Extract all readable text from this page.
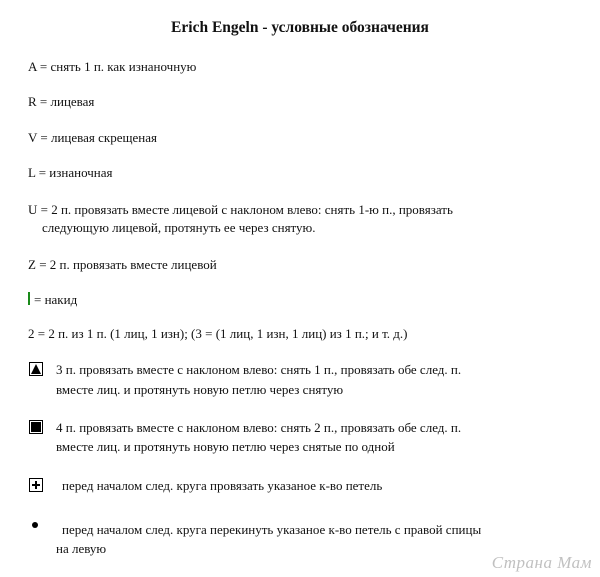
Erich Engeln - условные обозначения
A = снять 1 п. как изнаночную
R = лицевая
V = лицевая скрещеная
L = изнаночная
U = 2 п. провязать вместе лицевой с наклоном влево: снять 1-ю п., провязать
следующую лицевой, протянуть ее через снятую.
Z = 2 п. провязать вместе лицевой
= накид
2 = 2 п. из 1 п. (1 лиц, 1 изн); (3 = (1 лиц, 1 изн, 1 лиц) из 1 п.; и т. д.)
3 п. провязать вместе с наклоном влево: снять 1 п., провязать обе след. п.
вместе лиц. и протянуть новую петлю через снятую
4 п. провязать вместе с наклоном влево: снять 2 п., провязать обе след. п.
вместе лиц. и протянуть новую петлю через снятые по одной
перед началом след. круга провязать указаное к-во петель
перед началом след. круга перекинуть указаное к-во петель с правой спицы
на левую
Страна Мам
